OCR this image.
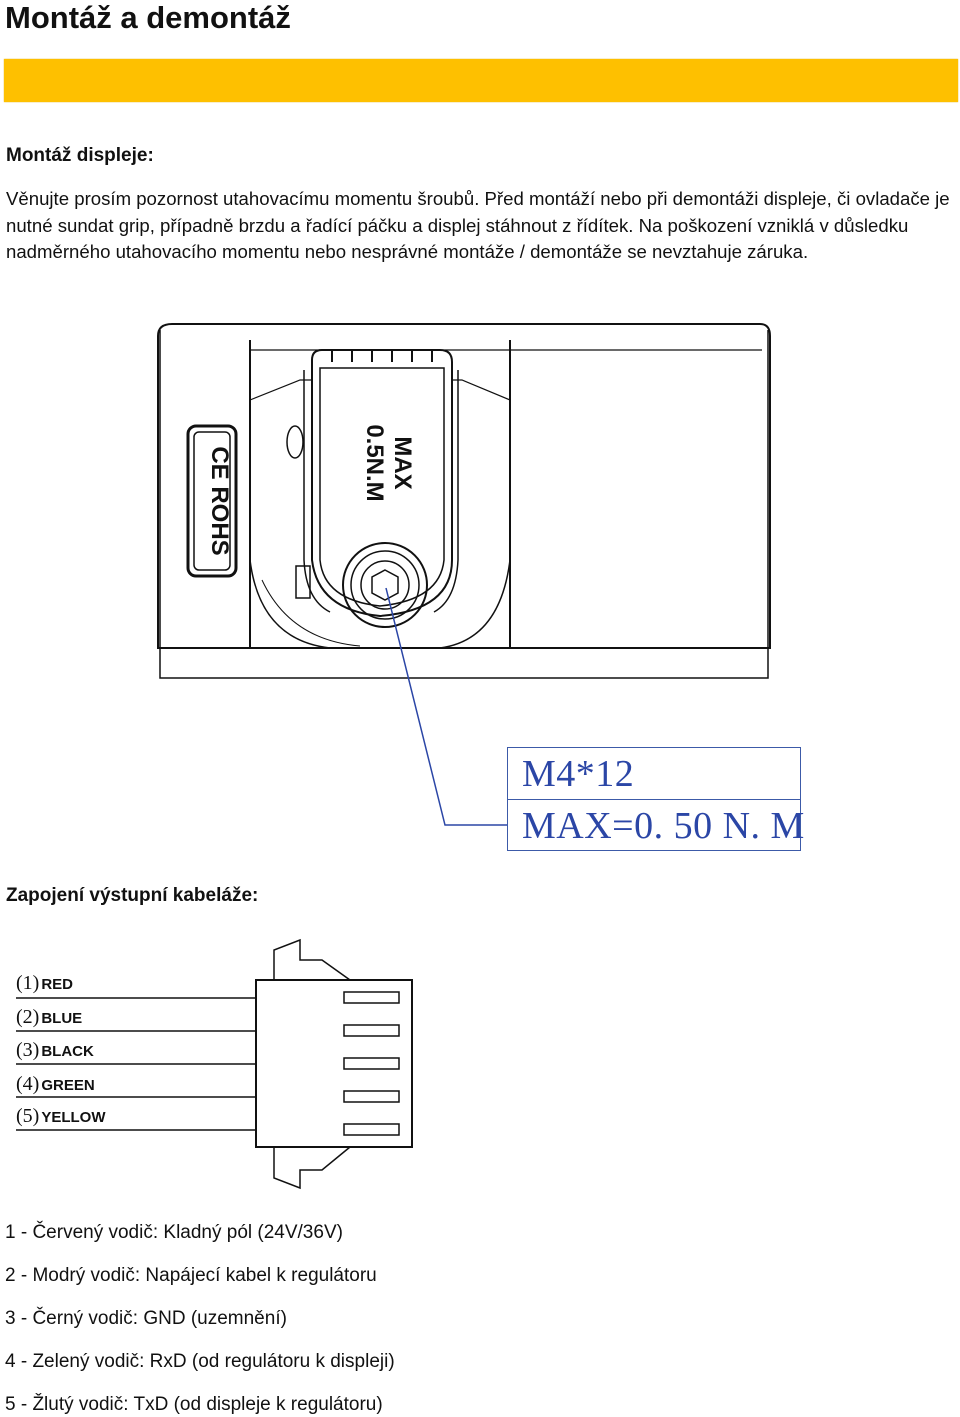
Montáž a demontáž
Montáž displeje:
Věnujte prosím pozornost utahovacímu momentu šroubů. Před montáží nebo při demontáži displeje, či ovladače je nutné sundat grip, případně brzdu a řadící páčku a displej stáhnout z řídítek. Na poškození vzniklá v důsledku nadměrného utahovacího momentu nebo nesprávné montáže / demontáže se nevztahuje záruka.
CE ROHS	MAX
0.5N.M
M4*12
MAX=0. 50 N. M
Zapojení výstupní kabeláže:
(1) RED
(2) BLUE
(3) BLACK
(4) GREEN
(5) YELLOW
1 - Červený vodič: Kladný pól (24V/36V)
2 - Modrý vodič: Napájecí kabel k regulátoru
3 - Černý vodič: GND (uzemnění)
4 - Zelený vodič: RxD (od regulátoru k displeji)
5 - Žlutý vodič: TxD (od displeje k regulátoru)
